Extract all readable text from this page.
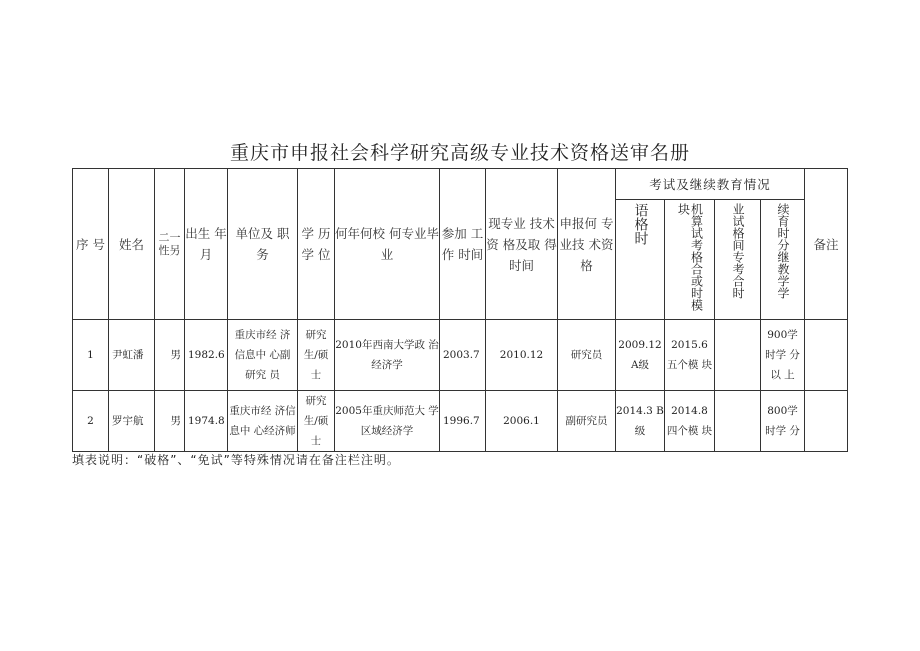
重庆市申报社会科学研究高级专业技术资格送审名册
序 号	姓名	二一 性另	出生 年月	单位及 职 务	学 历 学 位	何年何校 何专业毕业	参加 工作 时间	现专业 技术资 格及取 得时间	申报何 专业技 术资格	考试及继续教育情况				备注
										语格时	机算试考格合或时模块	业试格间专考合时	续育时分继教学学	
1	尹虹潘	男	1982.6	重庆市经 济 信息中 心副 研究 员	研究 生/硕 士	2010年西南大学政 治经济学	2003.7	2010.12	研究员	2009.12 A级	2015.6 五个模 块		900学 时学 分 以 上	
2	罗宇航	男	1974.8	重庆市经 济信息中 心经济师	研究 生/硕 士	2005年重庆师范大 学区域经济学	1996.7	2006.1	副研究员	2014.3 B级	2014.8 四个模 块		800学 时学 分	
填表说明：“破格”、“免试”等特殊情况请在备注栏注明。
